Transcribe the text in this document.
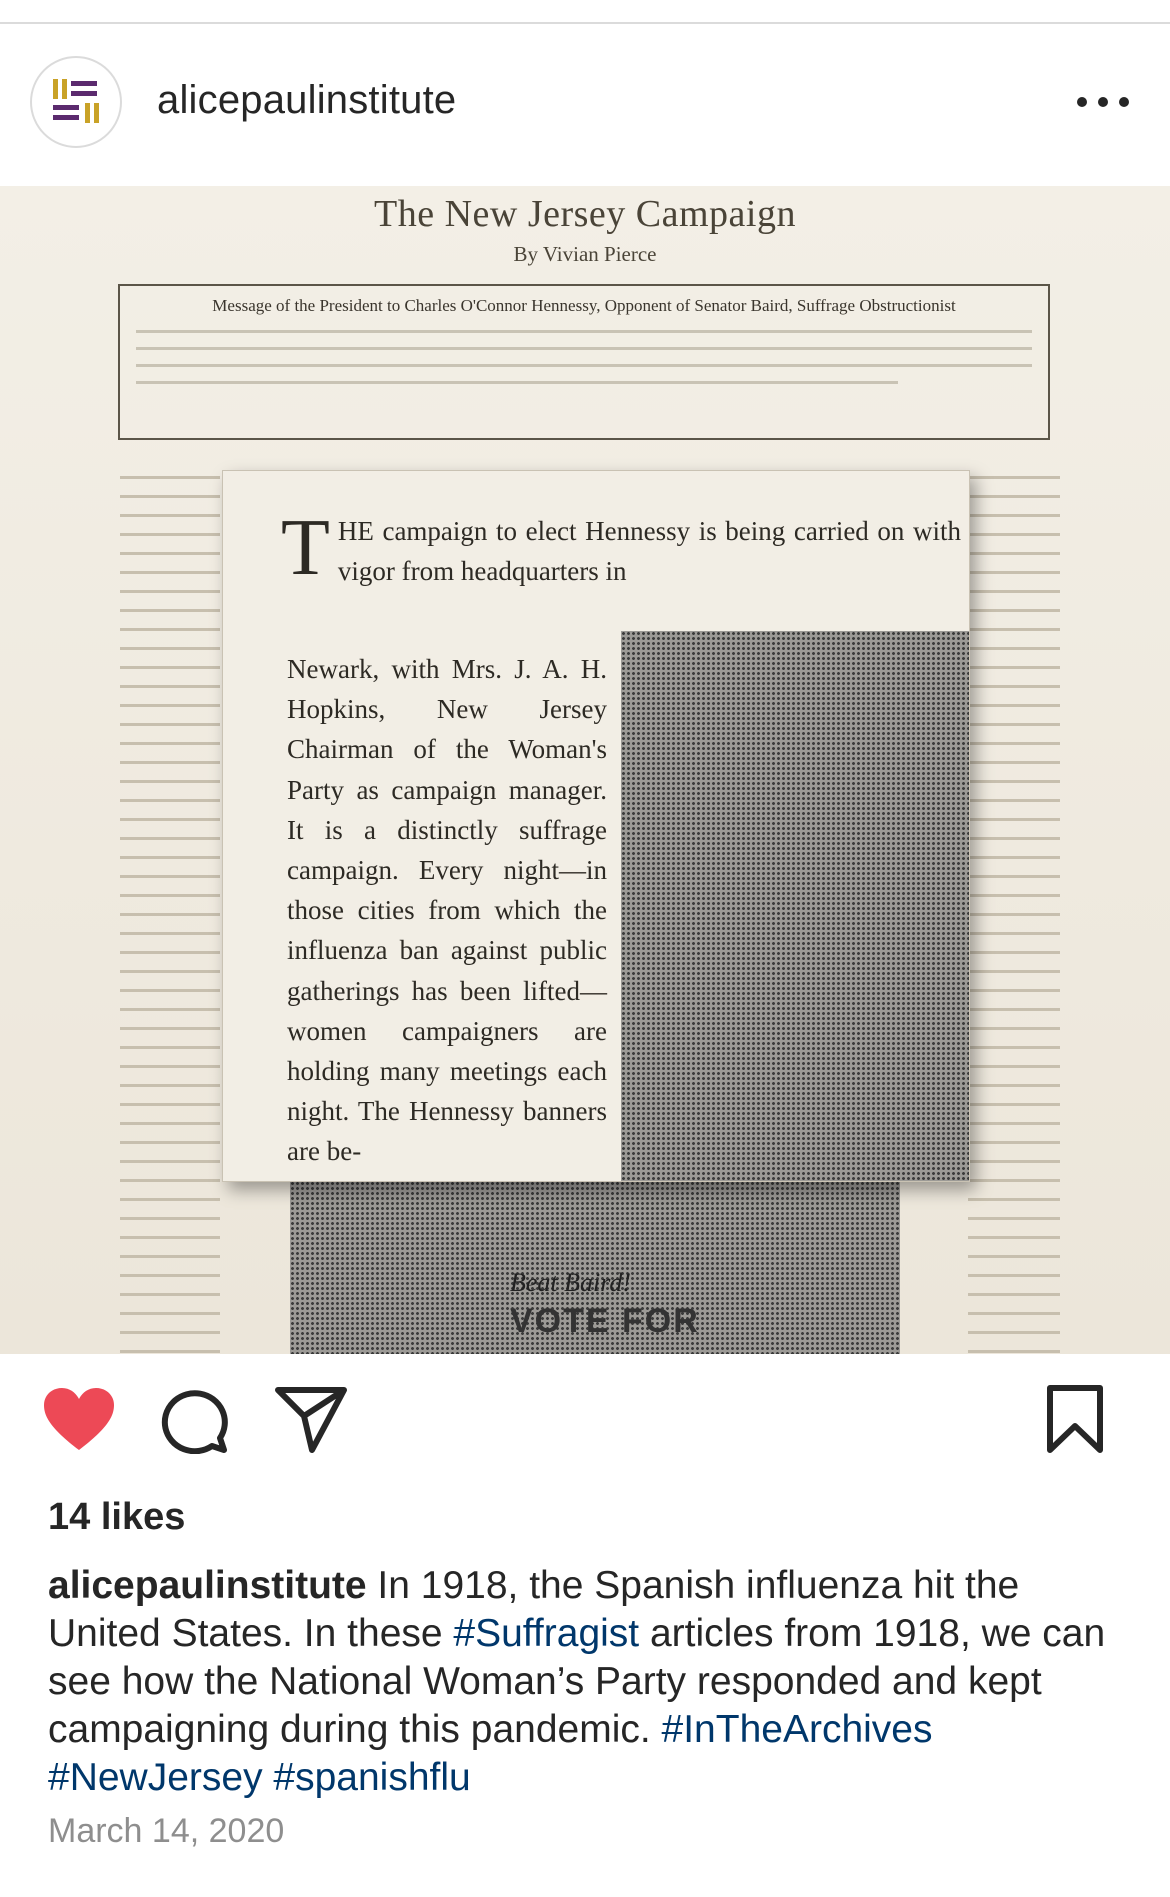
alicepaulinstitute
The New Jersey Campaign
By Vivian Pierce
Message of the President to Charles O'Connor Hennessy, Opponent of Senator Baird, Suffrage Obstructionist
Beat Baird!
VOTE FOR
THE campaign to elect Hennessy is being carried on with vigor from headquarters in
Newark, with Mrs. J. A. H. Hopkins, New Jersey Chairman of the Woman's Party as campaign manager. It is a distinctly suffrage campaign. Every night—in those cities from which the influenza ban against public gatherings has been lifted—women campaigners are holding many meetings each night. The Hennessy banners are be-
14 likes
alicepaulinstitute In 1918, the Spanish influenza hit the United States. In these #Suffragist articles from 1918, we can see how the National Woman’s Party responded and kept campaigning during this pandemic. #InTheArchives #NewJersey #spanishflu
March 14, 2020
